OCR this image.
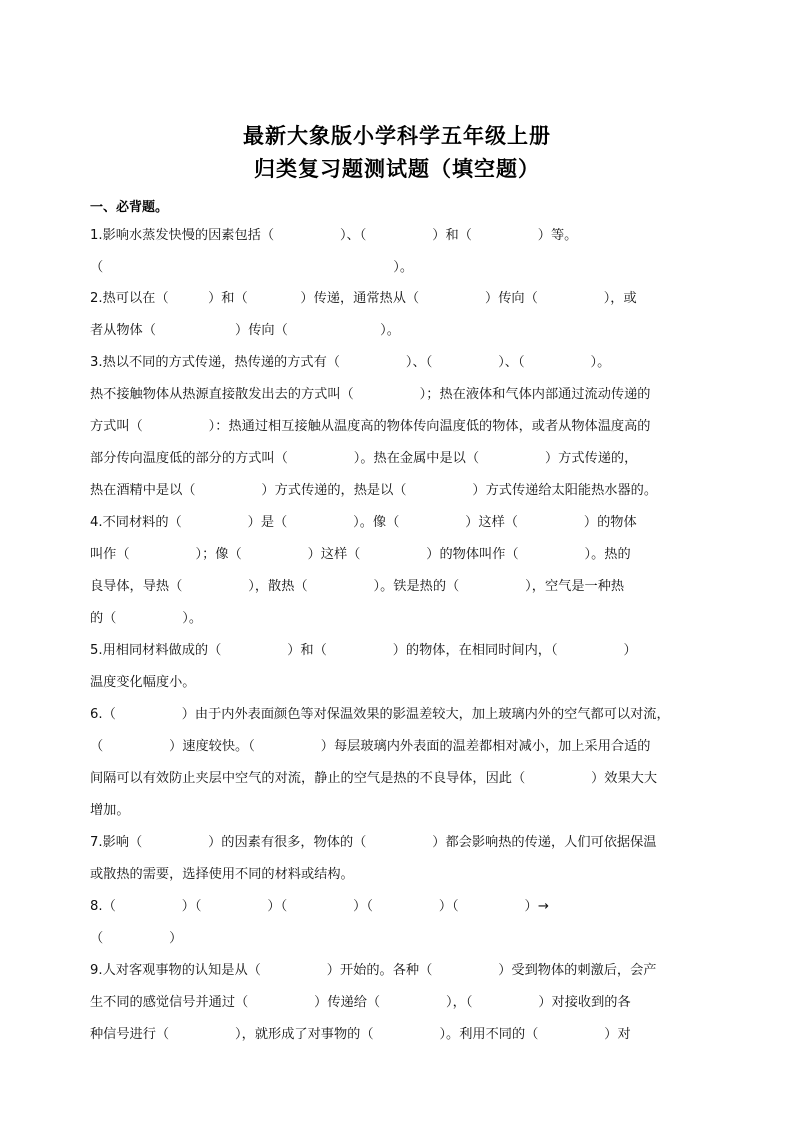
最新大象版小学科学五年级上册
归类复习题测试题（填空题）
一、必背题。
1.影响水蒸发快慢的因素包括（　　　　　）、（　　　　　）和（　　　　　）等。
（　　　　　　　　　　　　　　　　　　　　　　）。
2.热可以在（　　　）和（　　　　）传递，通常热从（　　　　　）传向（　　　　　），或
者从物体（　　　　　　）传向（　　　　　　　）。
3.热以不同的方式传递，热传递的方式有（　　　　　）、（　　　　　）、（　　　　　）。
热不接触物体从热源直接散发出去的方式叫（　　　　　）；热在液体和气体内部通过流动传递的
方式叫（　　　　　）：热通过相互接触从温度高的物体传向温度低的物体，或者从物体温度高的
部分传向温度低的部分的方式叫（　　　　　）。热在金属中是以（　　　　　）方式传递的，
热在酒精中是以（　　　　　）方式传递的，热是以（　　　　　）方式传递给太阳能热水器的。
4.不同材料的（　　　　　）是（　　　　　）。像（　　　　　）这样（　　　　　）的物体
叫作（　　　　　）；像（　　　　　）这样（　　　　　）的物体叫作（　　　　　）。热的
良导体，导热（　　　　　），散热（　　　　　）。铁是热的（　　　　　），空气是一种热
的（　　　　　）。
5.用相同材料做成的（　　　　　）和（　　　　　）的物体，在相同时间内，（　　　　　）
温度变化幅度小。
6.（　　　　　）由于内外表面颜色等对保温效果的影温差较大，加上玻璃内外的空气都可以对流，
（　　　　　）速度较快。（　　　　　）每层玻璃内外表面的温差都相对减小，加上采用合适的
间隔可以有效防止夹层中空气的对流，静止的空气是热的不良导体，因此（　　　　　）效果大大
增加。
7.影响（　　　　　）的因素有很多，物体的（　　　　　）都会影响热的传递，人们可依据保温
或散热的需要，选择使用不同的材料或结构。
8.（　　　　　）（　　　　　）（　　　　　）（　　　　　）（　　　　　）→
（　　　　　）
9.人对客观事物的认知是从（　　　　　）开始的。各种（　　　　　）受到物体的刺激后，会产
生不同的感觉信号并通过（　　　　　）传递给（　　　　　），（　　　　　）对接收到的各
种信号进行（　　　　　），就形成了对事物的（　　　　　）。利用不同的（　　　　　）对
